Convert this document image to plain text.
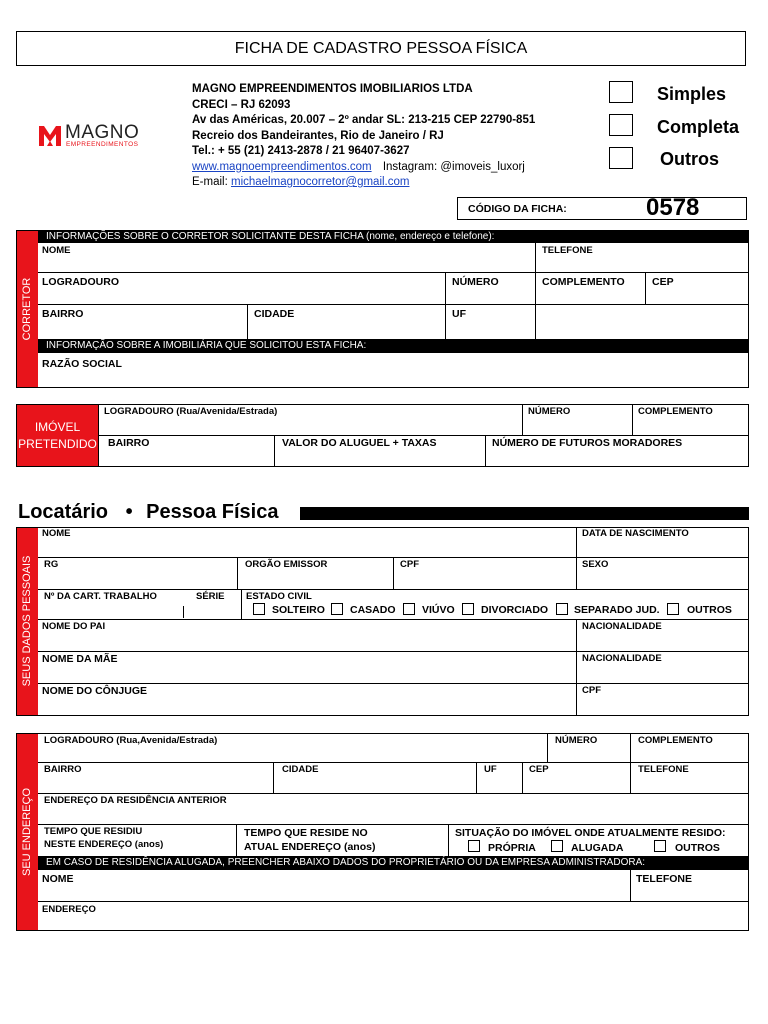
FICHA DE CADASTRO PESSOA FÍSICA
MAGNO
EMPREENDIMENTOS
MAGNO EMPREENDIMENTOS IMOBILIARIOS LTDA
CRECI – RJ 62093
Av das Américas, 20.007 – 2º andar SL: 213-215 CEP 22790-851
Recreio dos Bandeirantes, Rio de Janeiro / RJ
Tel.: + 55 (21) 2413-2878 / 21 96407-3627
www.magnoempreendimentos.com Instagram: @imoveis_luxorj
E-mail: michaelmagnocorretor@gmail.com
Simples
Completa
Outros
CÓDIGO DA FICHA:	0578
CORRETOR
INFORMAÇÕES SOBRE O CORRETOR SOLICITANTE DESTA FICHA (nome, endereço e telefone):
NOME	TELEFONE
LOGRADOURO	NÚMERO	COMPLEMENTO	CEP
BAIRRO	CIDADE	UF
INFORMAÇÃO SOBRE A IMOBILIÁRIA QUE SOLICITOU ESTA FICHA:
RAZÃO SOCIAL
IMÓVEL
PRETENDIDO
LOGRADOURO (Rua/Avenida/Estrada)	NÚMERO	COMPLEMENTO
BAIRRO	VALOR DO ALUGUEL + TAXAS	NÚMERO DE FUTUROS MORADORES
Locatário • Pessoa Física
SEUS DADOS PESSOAIS
NOME	DATA DE NASCIMENTO
RG	ORGÃO EMISSOR	CPF	SEXO
Nº DA CART. TRABALHO	SÉRIE ESTADO CIVIL
SOLTEIRO CASADO	VIÚVO	DIVORCIADO SEPARADO JUD.	OUTROS
NOME DO PAI	NACIONALIDADE
NOME DA MÃE	NACIONALIDADE
NOME DO CÔNJUGE	CPF
SEU ENDEREÇO
LOGRADOURO (Rua,Avenida/Estrada)	NÚMERO	COMPLEMENTO
BAIRRO	CIDADE	UF	CEP	TELEFONE
ENDEREÇO DA RESIDÊNCIA ANTERIOR
TEMPO QUE RESIDIU
NESTE ENDEREÇO (anos)
TEMPO QUE RESIDE NO
ATUAL ENDEREÇO (anos)
SITUAÇÃO DO IMÓVEL ONDE ATUALMENTE RESIDO:
PRÓPRIA	ALUGADA	OUTROS
EM CASO DE RESIDÊNCIA ALUGADA, PREENCHER ABAIXO DADOS DO PROPRIETÁRIO OU DA EMPRESA ADMINISTRADORA:
NOME	TELEFONE
ENDEREÇO
